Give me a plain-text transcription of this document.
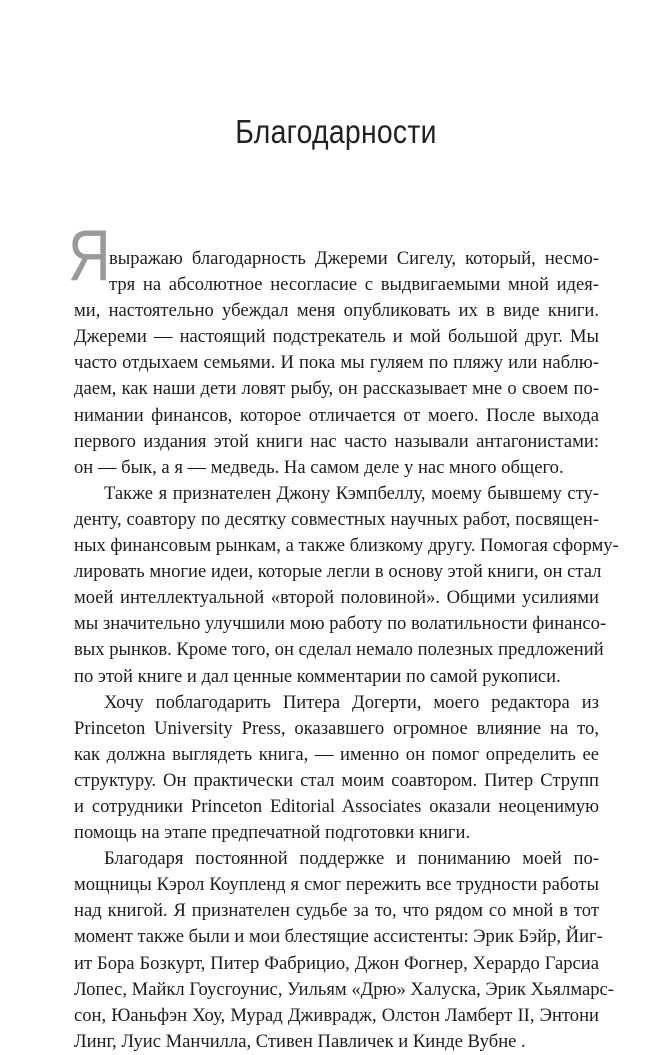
Благодарности
Я
выражаю благодарность Джереми Сигелу, который, несмо-
тря на абсолютное несогласие с выдвигаемыми мной идея-
ми, настоятельно убеждал меня опубликовать их в виде книги.
Джереми — настоящий подстрекатель и мой большой друг. Мы
часто отдыхаем семьями. И пока мы гуляем по пляжу или наблю-
даем, как наши дети ловят рыбу, он рассказывает мне о своем по-
нимании финансов, которое отличается от моего. После выхода
первого издания этой книги нас часто называли антагонистами:
он — бык, а я — медведь. На самом деле у нас много общего.
Также я признателен Джону Кэмпбеллу, моему бывшему сту-
денту, соавтору по десятку совместных научных работ, посвящен-
ных финансовым рынкам, а также близкому другу. Помогая сформу-
лировать многие идеи, которые легли в основу этой книги, он стал
моей интеллектуальной «второй половиной». Общими усилиями
мы значительно улучшили мою работу по волатильности финансо-
вых рынков. Кроме того, он сделал немало полезных предложений
по этой книге и дал ценные комментарии по самой рукописи.
Хочу поблагодарить Питера Догерти, моего редактора из
Princeton University Press, оказавшего огромное влияние на то,
как должна выглядеть книга, — именно он помог определить ее
структуру. Он практически стал моим соавтором. Питер Струпп
и сотрудники Princeton Editorial Associates оказали неоценимую
помощь на этапе предпечатной подготовки книги.
Благодаря постоянной поддержке и пониманию моей по-
мощницы Кэрол Коупленд я смог пережить все трудности работы
над книгой. Я признателен судьбе за то, что рядом со мной в тот
момент также были и мои блестящие ассистенты: Эрик Бэйр, Йиг-
ит Бора Бозкурт, Питер Фабрицио, Джон Фогнер, Херардо Гарсиа
Лопес, Майкл Гоусгоунис, Уильям «Дрю» Халуска, Эрик Хьялмарс-
сон, Юаньфэн Хоу, Мурад Дживрадж, Олстон Ламберт II, Энтони
Линг, Луис Манчилла, Стивен Павличек и Кинде Вубне .
